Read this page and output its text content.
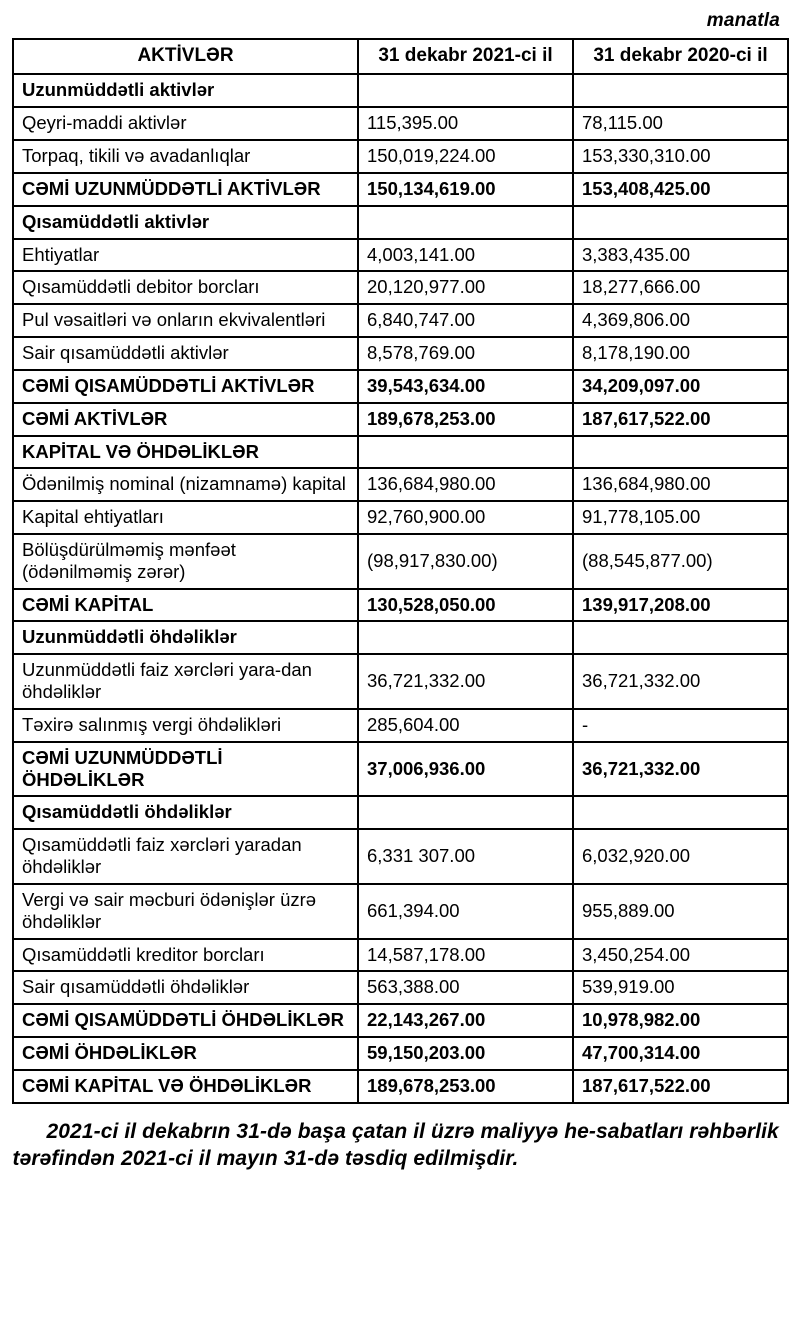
manatla
AKTİVLƏR	31 dekabr 2021-ci il	31 dekabr 2020-ci il
Uzunmüddətli aktivlər		
Qeyri-maddi aktivlər	115,395.00	78,115.00
Torpaq, tikili və avadanlıqlar	150,019,224.00	153,330,310.00
CƏMİ UZUNMÜDDƏTLİ AKTİVLƏR	150,134,619.00	153,408,425.00
Qısamüddətli aktivlər		
Ehtiyatlar	4,003,141.00	3,383,435.00
Qısamüddətli debitor borcları	20,120,977.00	18,277,666.00
Pul vəsaitləri və onların ekvivalentləri	6,840,747.00	4,369,806.00
Sair qısamüddətli aktivlər	8,578,769.00	8,178,190.00
CƏMİ QISAMÜDDƏTLİ AKTİVLƏR	39,543,634.00	34,209,097.00
CƏMİ AKTİVLƏR	189,678,253.00	187,617,522.00
KAPİTAL VƏ ÖHDƏLİKLƏR		
Ödənilmiş nominal (nizamnamə) kapital	136,684,980.00	136,684,980.00
Kapital ehtiyatları	92,760,900.00	91,778,105.00
Bölüşdürülməmiş mənfəət (ödənilməmiş zərər)	(98,917,830.00)	(88,545,877.00)
CƏMİ KAPİTAL	130,528,050.00	139,917,208.00
Uzunmüddətli öhdəliklər		
Uzunmüddətli faiz xərcləri yara-dan öhdəliklər	36,721,332.00	36,721,332.00
Təxirə salınmış vergi öhdəlikləri	285,604.00	-
CƏMİ UZUNMÜDDƏTLİ ÖHDƏLİKLƏR	37,006,936.00	36,721,332.00
Qısamüddətli öhdəliklər		
Qısamüddətli faiz xərcləri yaradan öhdəliklər	6,331 307.00	6,032,920.00
Vergi və sair məcburi ödənişlər üzrə öhdəliklər	661,394.00	955,889.00
Qısamüddətli kreditor borcları	14,587,178.00	3,450,254.00
Sair qısamüddətli öhdəliklər	563,388.00	539,919.00
CƏMİ QISAMÜDDƏTLİ ÖHDƏLİKLƏR	22,143,267.00	10,978,982.00
CƏMİ ÖHDƏLİKLƏR	59,150,203.00	47,700,314.00
CƏMİ KAPİTAL VƏ ÖHDƏLİKLƏR	189,678,253.00	187,617,522.00
2021-ci il dekabrın 31-də başa çatan il üzrə maliyyə he-sabatları rəhbərlik tərəfindən 2021-ci il mayın 31-də təsdiq edilmişdir.
